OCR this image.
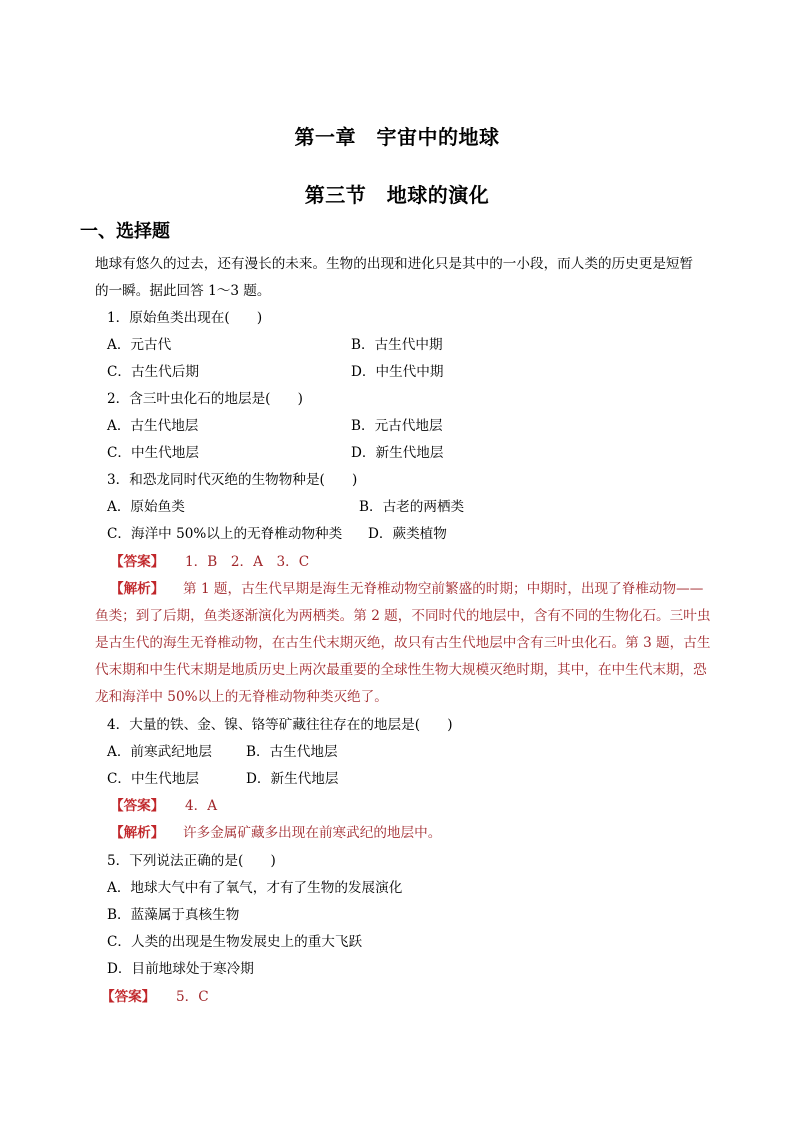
第一章　宇宙中的地球
第三节　地球的演化
一、选择题
地球有悠久的过去，还有漫长的未来。生物的出现和进化只是其中的一小段，而人类的历史更是短暂
的一瞬。据此回答 1～3 题。
1．原始鱼类出现在(　　)
A．元古代	B．古生代中期
C．古生代后期	D．中生代中期
2．含三叶虫化石的地层是(　　)
A．古生代地层	B．元古代地层
C．中生代地层	D．新生代地层
3．和恐龙同时代灭绝的生物物种是(　　)
A．原始鱼类	B．古老的两栖类
C．海洋中 50%以上的无脊椎动物种类 D．蕨类植物
【答案】 1．B　2．A　3．C
【解析】 第 1 题，古生代早期是海生无脊椎动物空前繁盛的时期；中期时，出现了脊椎动物——
鱼类；到了后期，鱼类逐渐演化为两栖类。第 2 题，不同时代的地层中，含有不同的生物化石。三叶虫
是古生代的海生无脊椎动物，在古生代末期灭绝，故只有古生代地层中含有三叶虫化石。第 3 题，古生
代末期和中生代末期是地质历史上两次最重要的全球性生物大规模灭绝时期，其中，在中生代末期，恐
龙和海洋中 50%以上的无脊椎动物种类灭绝了。
4．大量的铁、金、镍、铬等矿藏往往存在的地层是(　　)
A．前寒武纪地层	B．古生代地层
C．中生代地层	D．新生代地层
【答案】 4．A
【解析】 许多金属矿藏多出现在前寒武纪的地层中。
5．下列说法正确的是(　　)
A．地球大气中有了氧气，才有了生物的发展演化
B．蓝藻属于真核生物
C．人类的出现是生物发展史上的重大飞跃
D．目前地球处于寒冷期
【答案】 5．C
